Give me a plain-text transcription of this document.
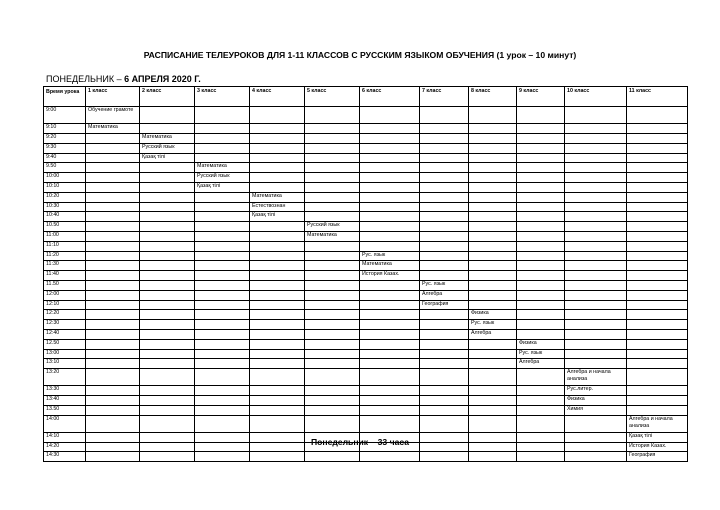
РАСПИСАНИЕ ТЕЛЕУРОКОВ ДЛЯ 1-11 КЛАССОВ С РУССКИМ ЯЗЫКОМ ОБУЧЕНИЯ (1 урок – 10 минут)
ПОНЕДЕЛЬНИК – 6 АПРЕЛЯ 2020 Г.
Время урока	1 класс	2 класс	3 класс	4 класс	5 класс	6 класс	7 класс	8 класс	9 класс	10 класс	11 класс
9:00	Обучение грамоте										
9:10	Математика										
9:20		Математика									
9:30		Русский язык									
9:40		Қазақ тілі									
9.50			Математика								
10:00			Русский язык								
10:10			Қазақ тілі								
10:20				Математика							
10:30				Естествознан							
10:40				Қазақ тілі							
10.50					Русский язык						
11:00					Математика						
11:10											
11:20						Рус. язык					
11:30						Математика					
11:40						История Казах.					
11.50							Рус. язык				
12:00							Алгебра				
12:10							География				
12:20								Физика			
12:30								Рус. язык			
12:40								Алгебра			
12.50									Физика		
13:00									Рус. язык		
13:10									Алгебра		
13:20										Алгебра и начала анализа	
13:30										Рус.литер.	
13:40										Физика	
13.50										Химия	
14:00											Алгебра и начала анализа
14:10											Қазақ тілі
14:20											История Казах.
14:30											География
Понедельник – 33 часа
